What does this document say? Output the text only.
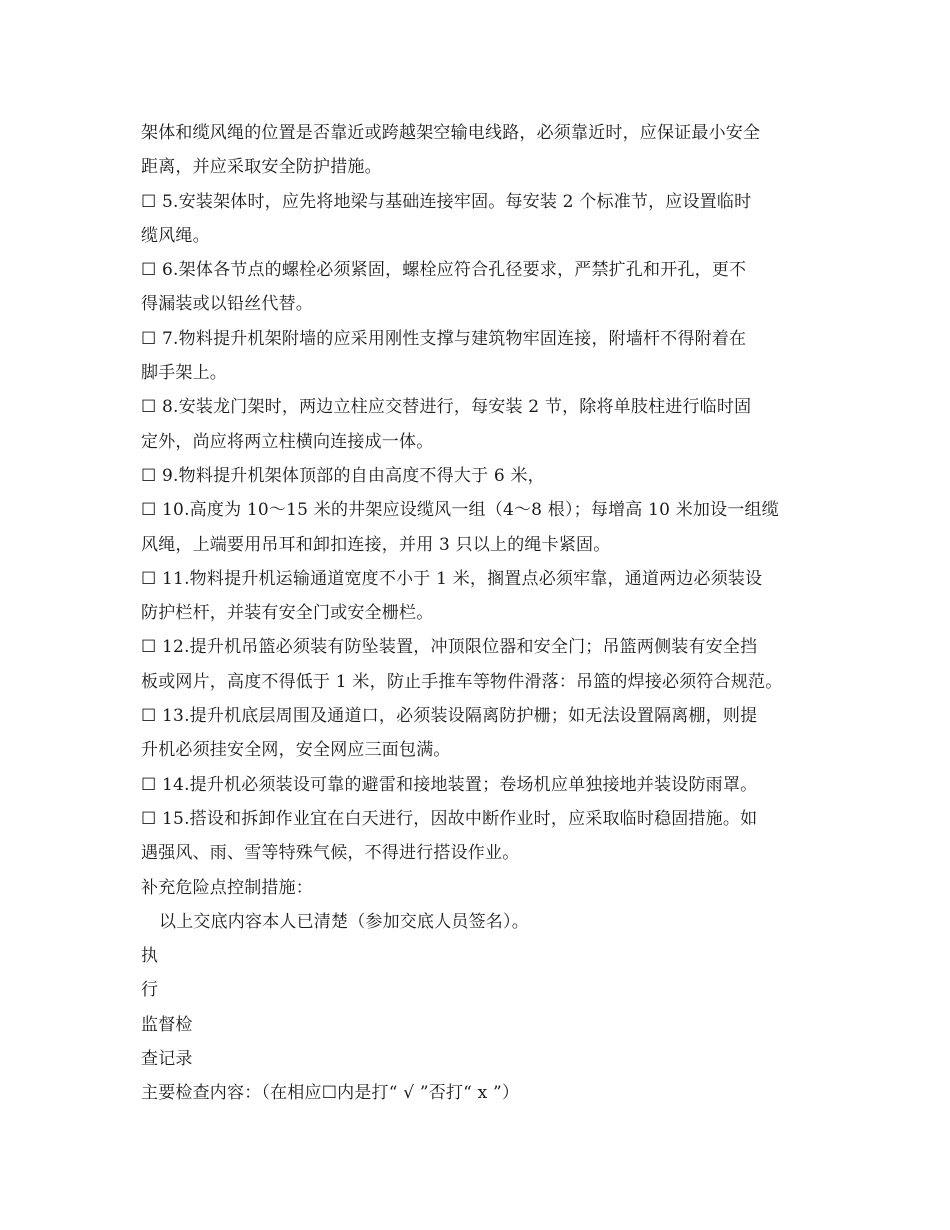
架体和缆风绳的位置是否靠近或跨越架空输电线路，必须靠近时，应保证最小安全
距离，并应采取安全防护措施。
☐ 5.安装架体时，应先将地梁与基础连接牢固。每安装 2 个标准节，应设置临时
缆风绳。
☐ 6.架体各节点的螺栓必须紧固，螺栓应符合孔径要求，严禁扩孔和开孔，更不
得漏装或以铅丝代替。
☐ 7.物料提升机架附墙的应采用刚性支撑与建筑物牢固连接，附墙杆不得附着在
脚手架上。
☐ 8.安装龙门架时，两边立柱应交替进行，每安装 2 节，除将单肢柱进行临时固
定外，尚应将两立柱横向连接成一体。
☐ 9.物料提升机架体顶部的自由高度不得大于 6 米，
☐ 10.高度为 10～15 米的井架应设缆风一组（4～8 根）；每增高 10 米加设一组缆
风绳，上端要用吊耳和卸扣连接，并用 3 只以上的绳卡紧固。
☐ 11.物料提升机运输通道宽度不小于 1 米，搁置点必须牢靠，通道两边必须装设
防护栏杆，并装有安全门或安全栅栏。
☐ 12.提升机吊篮必须装有防坠装置，冲顶限位器和安全门；吊篮两侧装有安全挡
板或网片，高度不得低于 1 米，防止手推车等物件滑落：吊篮的焊接必须符合规范。
☐ 13.提升机底层周围及通道口，必须装设隔离防护栅；如无法设置隔离棚，则提
升机必须挂安全网，安全网应三面包满。
☐ 14.提升机必须装设可靠的避雷和接地装置；卷场机应单独接地并装设防雨罩。
☐ 15.搭设和拆卸作业宜在白天进行，因故中断作业时，应采取临时稳固措施。如
遇强风、雨、雪等特殊气候，不得进行搭设作业。
补充危险点控制措施：
以上交底内容本人已清楚（参加交底人员签名）。
执
行
监督检
查记录
主要检查内容：（在相应☐内是打“ √ ”否打“ x ”）
